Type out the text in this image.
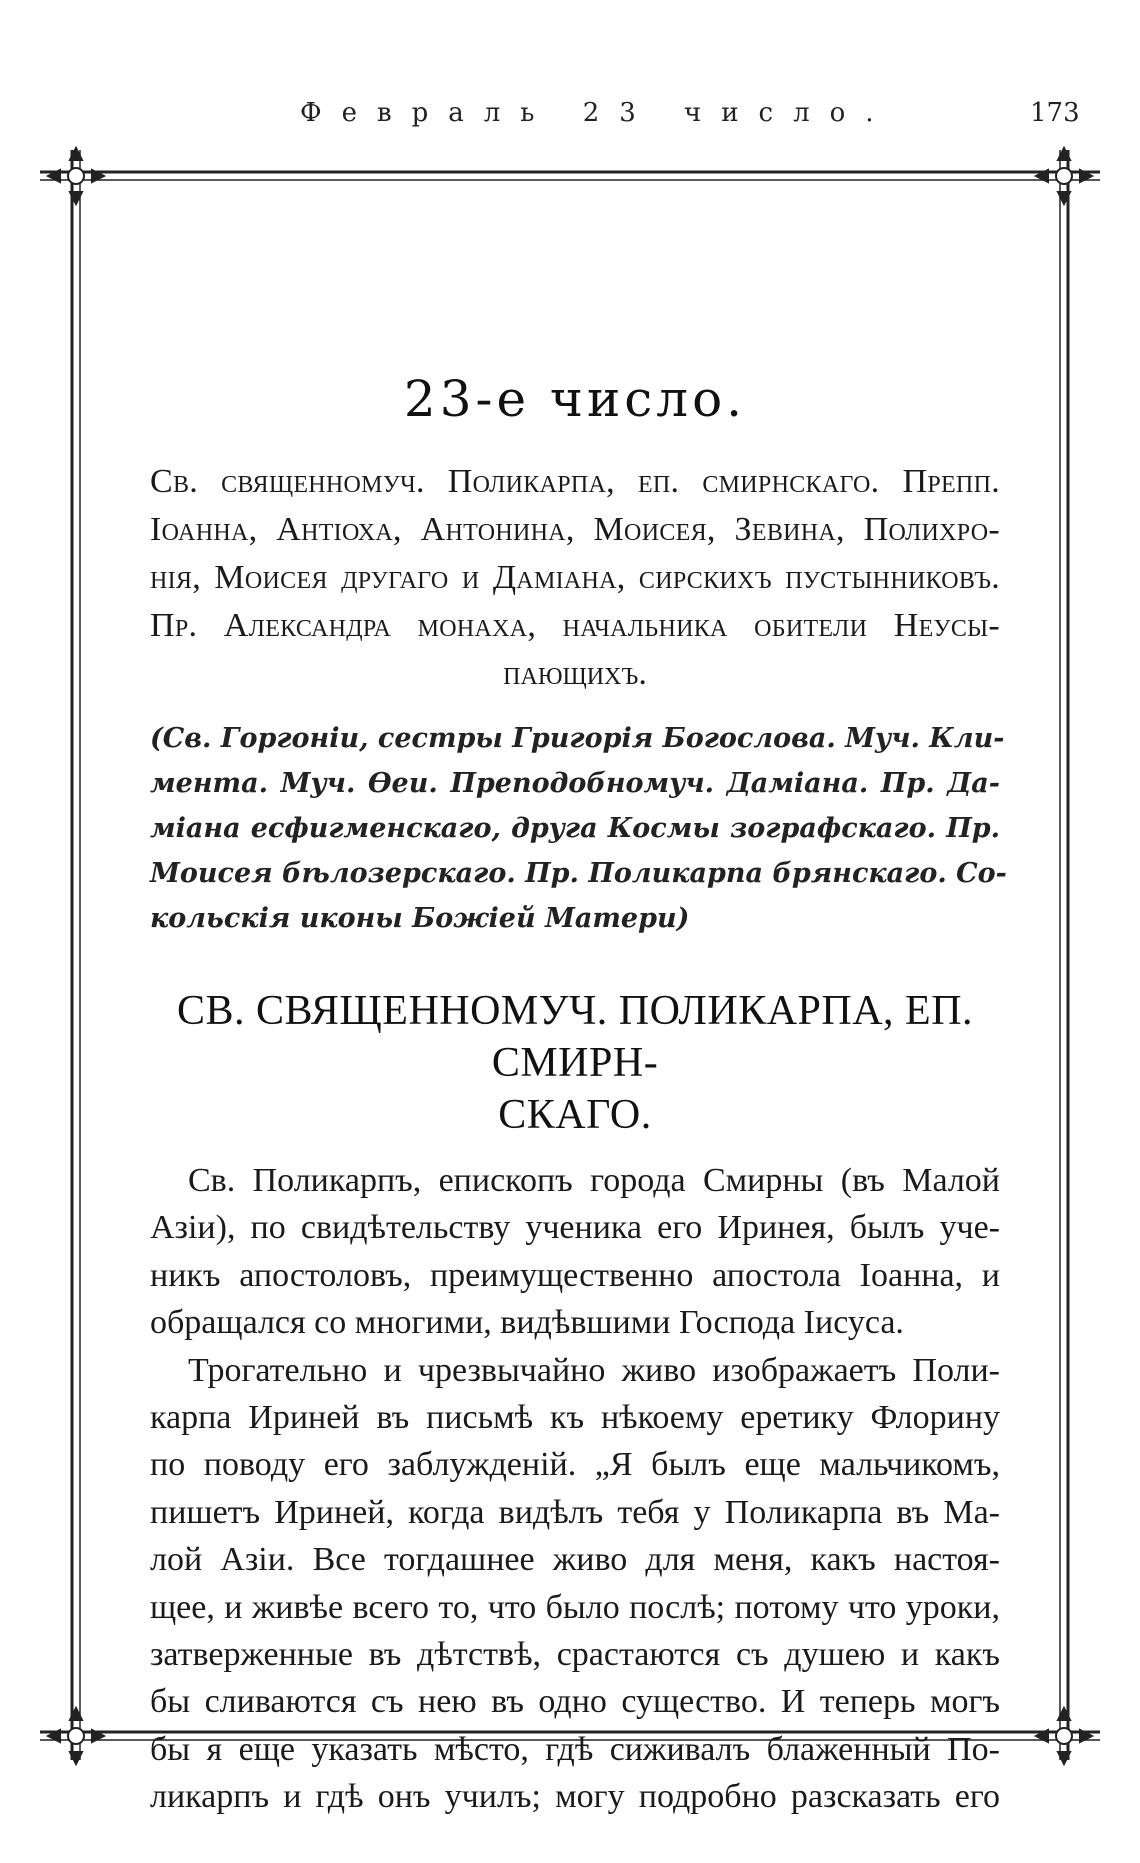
Февраль 23 число.	173
23-е число.
Св. священномуч. Поликарпа, еп. смирнскаго. Препп.
Іоанна, Антіоха, Антонина, Моисея, Зевина, Полихро-
нія, Моисея другаго и Даміана, сирскихъ пустынниковъ.
Пр. Александра монаха, начальника обители Неусы-
пающихъ.
(Св. Горгоніи, сестры Григорія Богослова. Муч. Кли-
мента. Муч. Ѳеи. Преподобномуч. Даміана. Пр. Да-
міана есфигменскаго, друга Космы зографскаго. Пр.
Моисея бѣлозерскаго. Пр. Поликарпа брянскаго. Со-
кольскія иконы Божіей Матери)
СВ. СВЯЩЕННОМУЧ. ПОЛИКАРПА, ЕП. СМИРН-
СКАГО.
Св. Поликарпъ, епископъ города Смирны (въ Малой
Азіи), по свидѣтельству ученика его Иринея, былъ уче-
никъ апостоловъ, преимущественно апостола Іоанна, и
обращался со многими, видѣвшими Господа Іисуса.
Трогательно и чрезвычайно живо изображаетъ Поли-
карпа Ириней въ письмѣ къ нѣкоему еретику Флорину
по поводу его заблужденій. „Я былъ еще мальчикомъ,
пишетъ Ириней, когда видѣлъ тебя у Поликарпа въ Ма-
лой Азіи. Все тогдашнее живо для меня, какъ настоя-
щее, и живѣе всего то, что было послѣ; потому что уроки,
затверженные въ дѣтствѣ, срастаются съ душею и какъ
бы сливаются съ нею въ одно существо. И теперь могъ
бы я еще указать мѣсто, гдѣ сиживалъ блаженный По-
ликарпъ и гдѣ онъ училъ; могу подробно разсказать его
